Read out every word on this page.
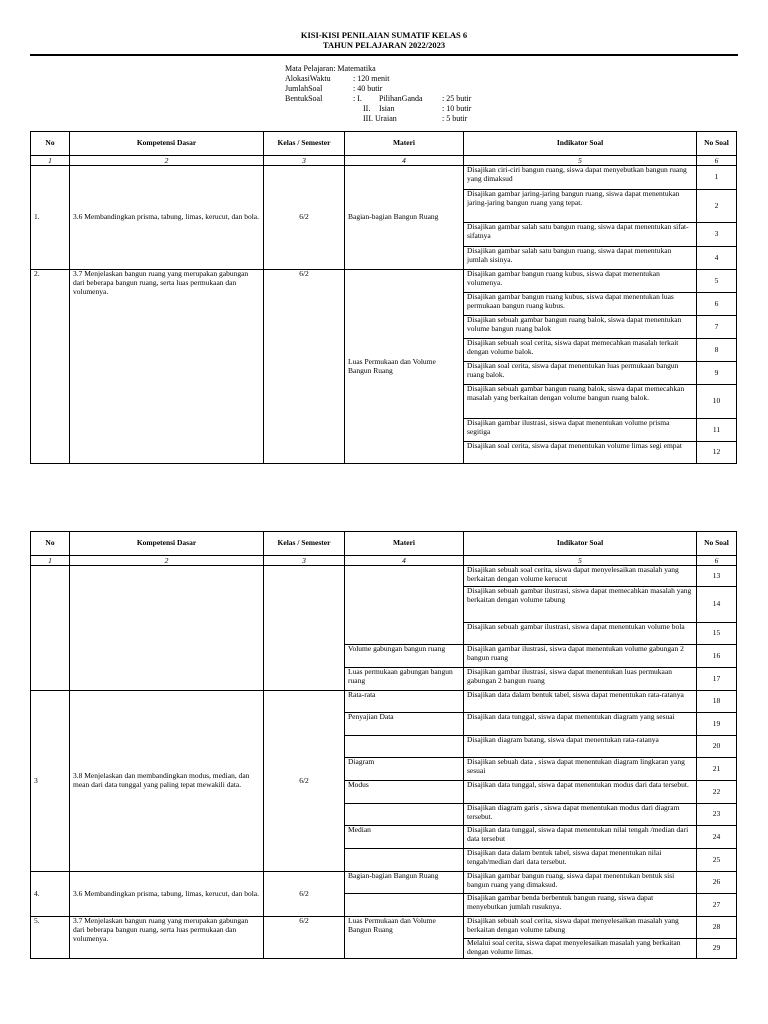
KISI-KISI PENILAIAN SUMATIF KELAS 6
TAHUN PELAJARAN 2022/2023
Mata Pelajaran: Matematika
AlokasiWaktu	: 120 menit
JumlahSoal	: 40 butir
BentukSoal	: I. PilihanGanda : 25 butir
II. Isian	: 10 butir
III. Uraian	: 5 butir
No	Kompetensi Dasar	Kelas / Semester	Materi	Indikator Soal	No Soal
1	2	3	4	5	6
1.	3.6 Membandingkan prisma, tabung, limas, kerucut, dan bola.	6/2	Bagian-bagian Bangun Ruang	Disajikan ciri-ciri bangun ruang, siswa dapat menyebutkan bangun ruang yang dimaksud	1
				Disajikan gambar jaring-jaring bangun ruang, siswa dapat menentukan jaring-jaring bangun ruang yang tepat.	2
				Disajikan gambar salah satu bangun ruang, siswa dapat menentukan sifat-sifatnya	3
				Disajikan gambar salah satu bangun ruang, siswa dapat menentukan jumlah sisinya.	4
2.	3.7 Menjelaskan bangun ruang yang merupakan gabungan dari beberapa bangun ruang, serta luas permukaan dan volumenya.	6/2	Luas Permukaan dan Volume Bangun Ruang	Disajikan gambar bangun ruang kubus, siswa dapat menentukan volumenya.	5
				Disajikan gambar bangun ruang kubus, siswa dapat menentukan luas permukaan bangun ruang kubus.	6
				Disajikan sebuah gambar bangun ruang balok, siswa dapat menentukan volume bangun ruang balok	7
				Disajikan sebuah soal cerita, siswa dapat memecahkan masalah terkait dengan volume balok.	8
				Disajikan soal cerita, siswa dapat menentukan luas permukaan bangun ruang balok.	9
				Disajikan sebuah gambar bangun ruang balok, siswa dapat memecahkan masalah yang berkaitan dengan volume bangun ruang balok.	10
				Disajikan gambar ilustrasi, siswa dapat menentukan volume prisma segitiga	11
				Disajikan soal cerita, siswa dapat menentukan volume limas segi empat	12
No	Kompetensi Dasar	Kelas / Semester	Materi	Indikator Soal	No Soal
1	2	3	4	5	6
				Disajikan sebuah soal cerita, siswa dapat menyelesaikan masalah yang berkaitan dengan volume kerucut	13
				Disajikan sebuah gambar ilustrasi, siswa dapat memecahkan masalah yang berkaitan dengan volume tabung	14
				Disajikan sebuah gambar ilustrasi, siswa dapat menentukan volume bola	15
			Volume gabungan bangun ruang	Disajikan gambar ilustrasi, siswa dapat menentukan volume gabungan 2 bangun ruang	16
			Luas permukaan gabungan bangun ruang	Disajikan gambar ilustrasi, siswa dapat menentukan luas permukaan gabungan 2 bangun ruang	17
3	3.8 Menjelaskan dan membandingkan modus, median, dan mean dari data tunggal yang paling tepat mewakili data.	6/2	Rata-rata	Disajikan data dalam bentuk tabel, siswa dapat menentukan rata-ratanya	18
			Penyajian Data	Disajikan data tunggal, siswa dapat menentukan diagram yang sesuai	19
				Disajikan diagram batang, siswa dapat menentukan rata-ratanya	20
			Diagram	Disajikan sebuah data , siswa dapat menentukan diagram lingkaran yang sesuai	21
			Modus	Disajikan data tunggal, siswa dapat menentukan modus dari data tersebut.	22
				Disajikan diagram garis , siswa dapat menentukan modus dari diagram tersebut.	23
			Median	Disajikan data tunggal, siswa dapat menentukan nilai tengah /median dari data tersebut	24
				Disajikan data dalam bentuk tabel, siswa dapat menentukan nilai tengah/median dari data tersebut.	25
4.	3.6 Membandingkan prisma, tabung, limas, kerucut, dan bola.	6/2	Bagian-bagian Bangun Ruang	Disajikan gambar bangun ruang, siswa dapat menentukan bentuk sisi bangun ruang yang dimaksud.	26
				Disajikan gambar benda berbentuk bangun ruang, siswa dapat menyebutkan jumlah rusuknya.	27
5.	3.7 Menjelaskan bangun ruang yang merupakan gabungan dari beberapa bangun ruang, serta luas permukaan dan volumenya.	6/2	Luas Permukaan dan Volume Bangun Ruang	Disajikan sebuah soal cerita, siswa dapat menyelesaikan masalah yang berkaitan dengan volume tabung	28
				Melalui soal cerita, siswa dapat menyelesaikan masalah yang berkaitan dengan volume limas.	29
